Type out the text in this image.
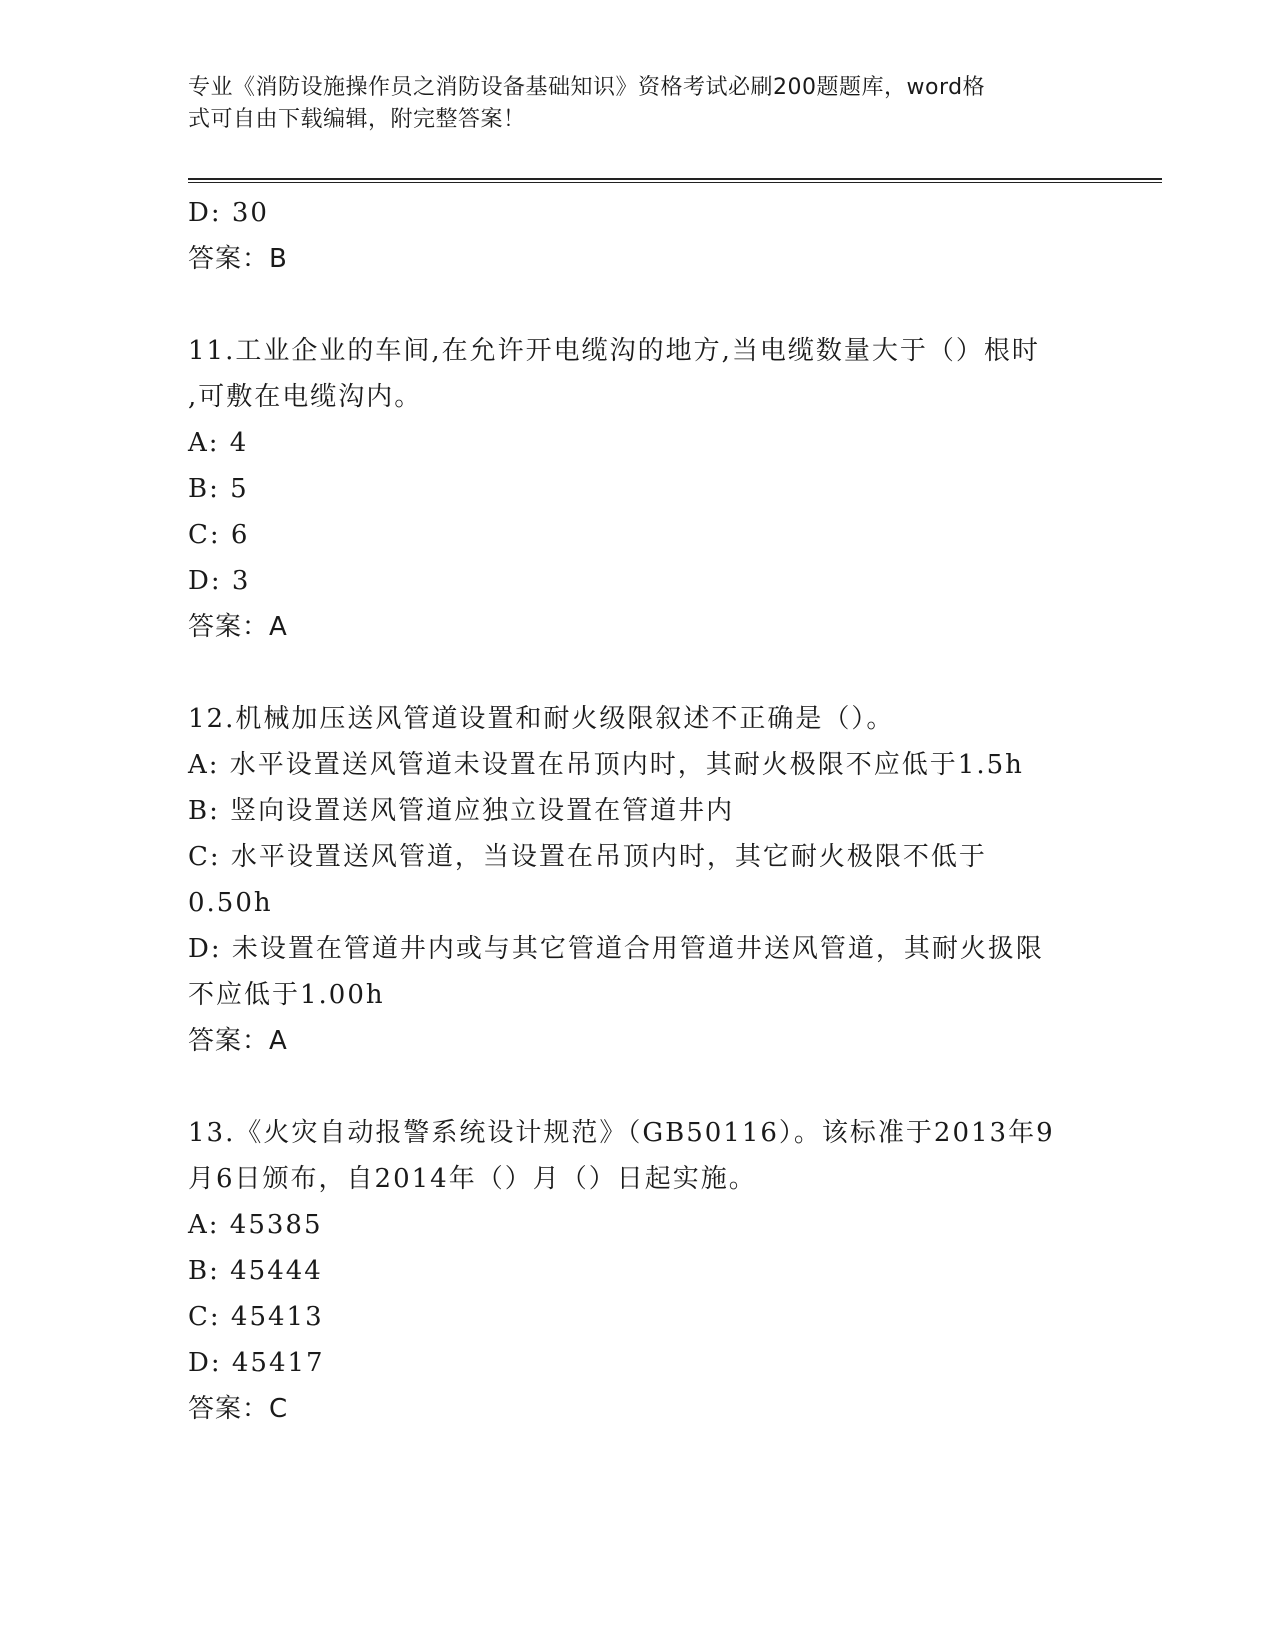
专业《消防设施操作员之消防设备基础知识》资格考试必刷200题题库，word格
式可自由下载编辑，附完整答案！
D: 30
答案：B
11.工业企业的车间,在允许开电缆沟的地方,当电缆数量大于（）根时
,可敷在电缆沟内。
A: 4
B: 5
C: 6
D: 3
答案：A
12.机械加压送风管道设置和耐火级限叙述不正确是（）。
A: 水平设置送风管道未设置在吊顶内时，其耐火极限不应低于1.5h
B: 竖向设置送风管道应独立设置在管道井内
C: 水平设置送风管道，当设置在吊顶内时，其它耐火极限不低于
0.50h
D: 未设置在管道井内或与其它管道合用管道井送风管道，其耐火扱限
不应低于1.00h
答案：A
13.《火灾自动报警系统设计规范》（GB50116）。该标准于2013年9
月6日颁布，自2014年（）月（）日起实施。
A: 45385
B: 45444
C: 45413
D: 45417
答案：C
